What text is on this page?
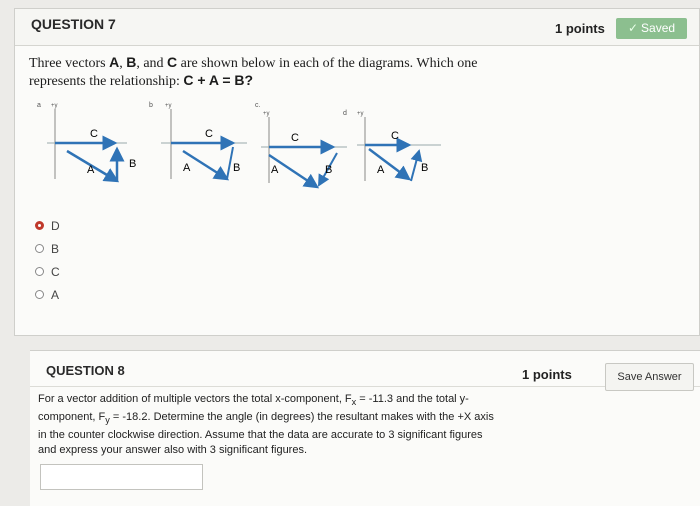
QUESTION 7	1 points	✓ Saved
Three vectors A, B, and C are shown below in each of the diagrams. Which one represents the relationship: C + A = B?
a +y
C
A	B
b +y
C
A	B
c.
+y
C
A	B
d +y
C
A	B
D
B
C
A
QUESTION 8	1 points	Save Answer
For a vector addition of multiple vectors the total x-component, $F_x = -11.3$ and the total y-component, $F_y = -18.2$. Determine the angle (in degrees) the resultant makes with the +X axis in the counter clockwise direction. Assume that the data are accurate to 3 significant figures and express your answer also with 3 significant figures.
